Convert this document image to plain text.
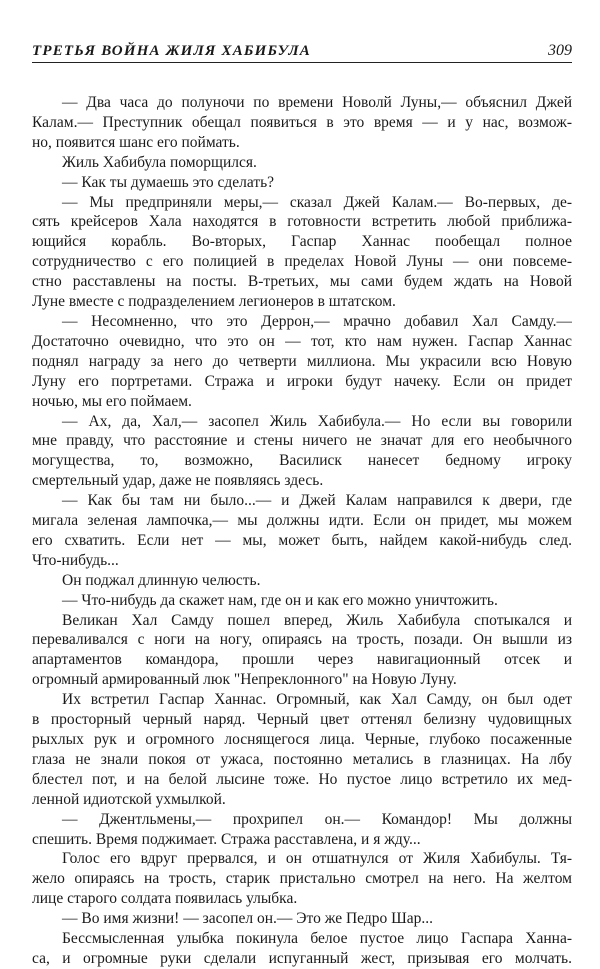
ТРЕТЬЯ ВОЙНА ЖИЛЯ ХАБИБУЛА	309
— Два часа до полуночи по времени Новолй Луны,— объяснил Джей
Калам.— Преступник обещал появиться в это время — и у нас, возмож-
но, появится шанс его поймать.
Жиль Хабибула поморщился.
— Как ты думаешь это сделать?
— Мы предприняли меры,— сказал Джей Калам.— Во-первых, де-
сять крейсеров Хала находятся в готовности встретить любой приближа-
ющийся корабль. Во-вторых, Гаспар Ханнас пообещал полное
сотрудничество с его полицией в пределах Новой Луны — они повсеме-
стно расставлены на посты. В-третьих, мы сами будем ждать на Новой
Луне вместе с подразделением легионеров в штатском.
— Несомненно, что это Деррон,— мрачно добавил Хал Самду.—
Достаточно очевидно, что это он — тот, кто нам нужен. Гаспар Ханнас
поднял награду за него до четверти миллиона. Мы украсили всю Новую
Луну его портретами. Стража и игроки будут начеку. Если он придет
ночью, мы его поймаем.
— Ах, да, Хал,— засопел Жиль Хабибула.— Но если вы говорили
мне правду, что расстояние и стены ничего не значат для его необычного
могущества, то, возможно, Василиск нанесет бедному игроку
смертельный удар, даже не появляясь здесь.
— Как бы там ни было...— и Джей Калам направился к двери, где
мигала зеленая лампочка,— мы должны идти. Если он придет, мы можем
его схватить. Если нет — мы, может быть, найдем какой-нибудь след.
Что-нибудь...
Он поджал длинную челюсть.
— Что-нибудь да скажет нам, где он и как его можно уничтожить.
Великан Хал Самду пошел вперед, Жиль Хабибула спотыкался и
переваливался с ноги на ногу, опираясь на трость, позади. Он вышли из
апартаментов командора, прошли через навигационный отсек и
огромный армированный люк "Непреклонного" на Новую Луну.
Их встретил Гаспар Ханнас. Огромный, как Хал Самду, он был одет
в просторный черный наряд. Черный цвет оттенял белизну чудовищных
рыхлых рук и огромного лоснящегося лица. Черные, глубоко посаженные
глаза не знали покоя от ужаса, постоянно метались в глазницах. На лбу
блестел пот, и на белой лысине тоже. Но пустое лицо встретило их мед-
ленной идиотской ухмылкой.
— Джентльмены,— прохрипел он.— Командор! Мы должны
спешить. Время поджимает. Стража расставлена, и я жду...
Голос его вдруг прервался, и он отшатнулся от Жиля Хабибулы. Тя-
жело опираясь на трость, старик пристально смотрел на него. На желтом
лице старого солдата появилась улыбка.
— Во имя жизни! — засопел он.— Это же Педро Шар...
Бессмысленная улыбка покинула белое пустое лицо Гаспара Ханна-
са, и огромные руки сделали испуганный жест, призывая его молчать.
